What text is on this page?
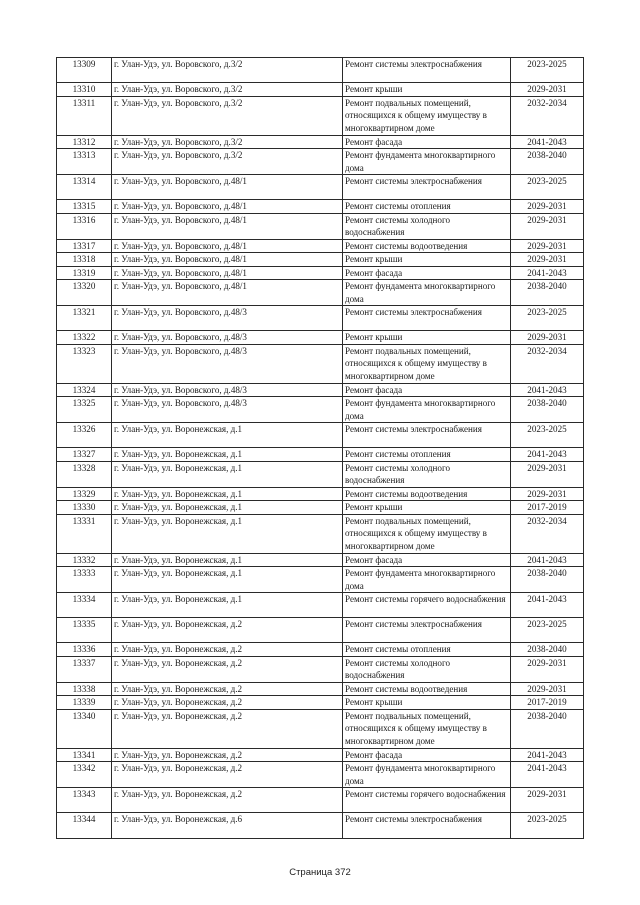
13309	г. Улан-Удэ, ул. Воровского, д.3/2	Ремонт системы электроснабжения	2023-2025
13310	г. Улан-Удэ, ул. Воровского, д.3/2	Ремонт крыши	2029-2031
13311	г. Улан-Удэ, ул. Воровского, д.3/2	Ремонт подвальных помещений, относящихся к общему имуществу в многоквартирном доме	2032-2034
13312	г. Улан-Удэ, ул. Воровского, д.3/2	Ремонт фасада	2041-2043
13313	г. Улан-Удэ, ул. Воровского, д.3/2	Ремонт фундамента многоквартирного дома	2038-2040
13314	г. Улан-Удэ, ул. Воровского, д.48/1	Ремонт системы электроснабжения	2023-2025
13315	г. Улан-Удэ, ул. Воровского, д.48/1	Ремонт системы отопления	2029-2031
13316	г. Улан-Удэ, ул. Воровского, д.48/1	Ремонт системы холодного водоснабжения	2029-2031
13317	г. Улан-Удэ, ул. Воровского, д.48/1	Ремонт системы водоотведения	2029-2031
13318	г. Улан-Удэ, ул. Воровского, д.48/1	Ремонт крыши	2029-2031
13319	г. Улан-Удэ, ул. Воровского, д.48/1	Ремонт фасада	2041-2043
13320	г. Улан-Удэ, ул. Воровского, д.48/1	Ремонт фундамента многоквартирного дома	2038-2040
13321	г. Улан-Удэ, ул. Воровского, д.48/3	Ремонт системы электроснабжения	2023-2025
13322	г. Улан-Удэ, ул. Воровского, д.48/3	Ремонт крыши	2029-2031
13323	г. Улан-Удэ, ул. Воровского, д.48/3	Ремонт подвальных помещений, относящихся к общему имуществу в многоквартирном доме	2032-2034
13324	г. Улан-Удэ, ул. Воровского, д.48/3	Ремонт фасада	2041-2043
13325	г. Улан-Удэ, ул. Воровского, д.48/3	Ремонт фундамента многоквартирного дома	2038-2040
13326	г. Улан-Удэ, ул. Воронежская, д.1	Ремонт системы электроснабжения	2023-2025
13327	г. Улан-Удэ, ул. Воронежская, д.1	Ремонт системы отопления	2041-2043
13328	г. Улан-Удэ, ул. Воронежская, д.1	Ремонт системы холодного водоснабжения	2029-2031
13329	г. Улан-Удэ, ул. Воронежская, д.1	Ремонт системы водоотведения	2029-2031
13330	г. Улан-Удэ, ул. Воронежская, д.1	Ремонт крыши	2017-2019
13331	г. Улан-Удэ, ул. Воронежская, д.1	Ремонт подвальных помещений, относящихся к общему имуществу в многоквартирном доме	2032-2034
13332	г. Улан-Удэ, ул. Воронежская, д.1	Ремонт фасада	2041-2043
13333	г. Улан-Удэ, ул. Воронежская, д.1	Ремонт фундамента многоквартирного дома	2038-2040
13334	г. Улан-Удэ, ул. Воронежская, д.1	Ремонт системы горячего водоснабжения	2041-2043
13335	г. Улан-Удэ, ул. Воронежская, д.2	Ремонт системы электроснабжения	2023-2025
13336	г. Улан-Удэ, ул. Воронежская, д.2	Ремонт системы отопления	2038-2040
13337	г. Улан-Удэ, ул. Воронежская, д.2	Ремонт системы холодного водоснабжения	2029-2031
13338	г. Улан-Удэ, ул. Воронежская, д.2	Ремонт системы водоотведения	2029-2031
13339	г. Улан-Удэ, ул. Воронежская, д.2	Ремонт крыши	2017-2019
13340	г. Улан-Удэ, ул. Воронежская, д.2	Ремонт подвальных помещений, относящихся к общему имуществу в многоквартирном доме	2038-2040
13341	г. Улан-Удэ, ул. Воронежская, д.2	Ремонт фасада	2041-2043
13342	г. Улан-Удэ, ул. Воронежская, д.2	Ремонт фундамента многоквартирного дома	2041-2043
13343	г. Улан-Удэ, ул. Воронежская, д.2	Ремонт системы горячего водоснабжения	2029-2031
13344	г. Улан-Удэ, ул. Воронежская, д.6	Ремонт системы электроснабжения	2023-2025
Страница 372
